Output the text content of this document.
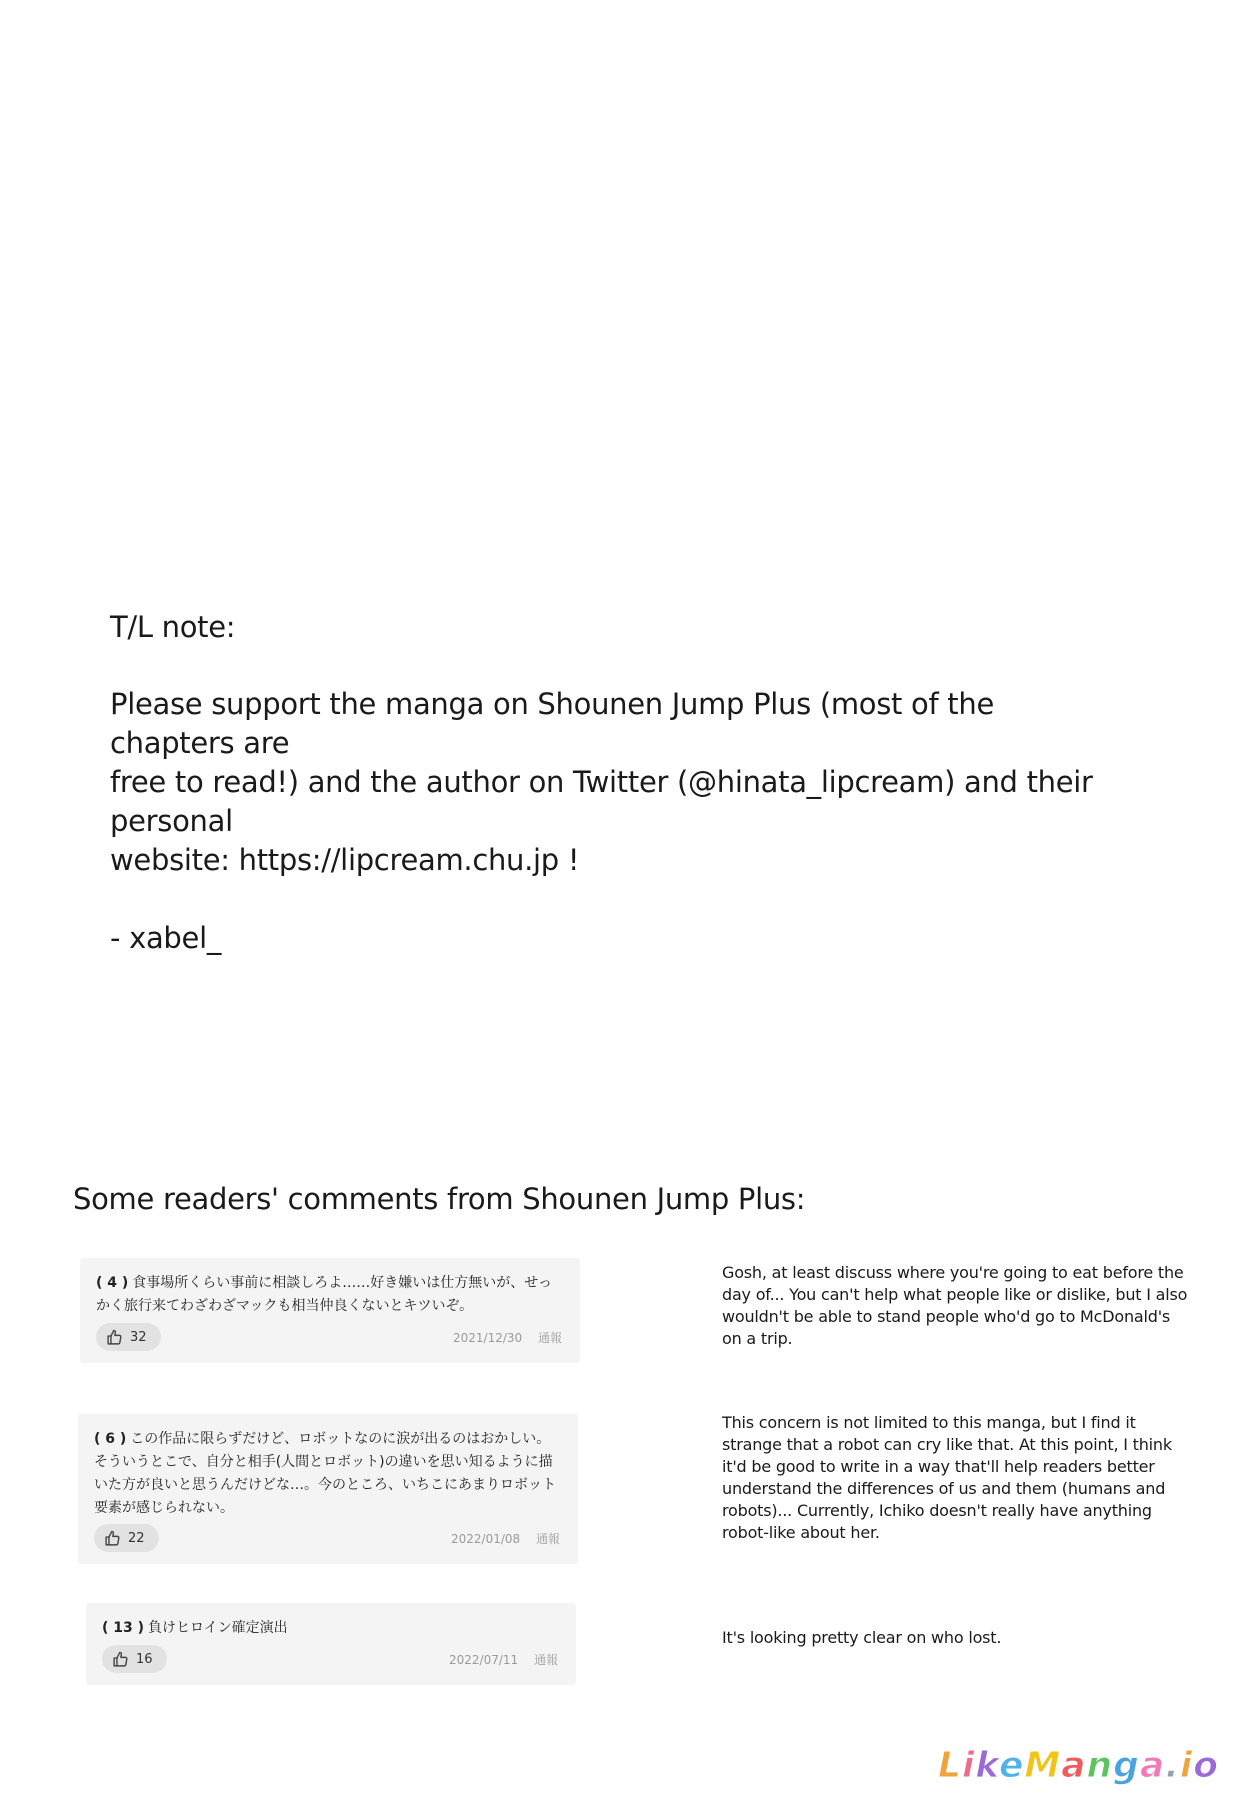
T/L note:

Please support the manga on Shounen Jump Plus (most of the chapters are
free to read!) and the author on Twitter (@hinata_lipcream) and their personal
website: https://lipcream.chu.jp !

- xabel_

Some readers' comments from Shounen Jump Plus:
( 4 ) 食事場所くらい事前に相談しろよ……好き嫌いは仕方無いが、せっかく旅行来てわざわざマックも相当仲良くないとキツいぞ。
32	2021/12/30 通報
Gosh, at least discuss where you're going to eat before the day of... You can't help what people like or dislike, but I also wouldn't be able to stand people who'd go to McDonald's on a trip.
( 6 ) この作品に限らずだけど、ロボットなのに涙が出るのはおかしい。そういうとこで、自分と相手(人間とロボット)の違いを思い知るように描いた方が良いと思うんだけどな…。今のところ、いちこにあまりロボット要素が感じられない。
22	2022/01/08 通報
This concern is not limited to this manga, but I find it strange that a robot can cry like that. At this point, I think it'd be good to write in a way that'll help readers better understand the differences of us and them (humans and robots)... Currently, Ichiko doesn't really have anything robot-like about her.
( 13 ) 負けヒロイン確定演出
16	2022/07/11 通報
It's looking pretty clear on who lost.
LikeManga.io
